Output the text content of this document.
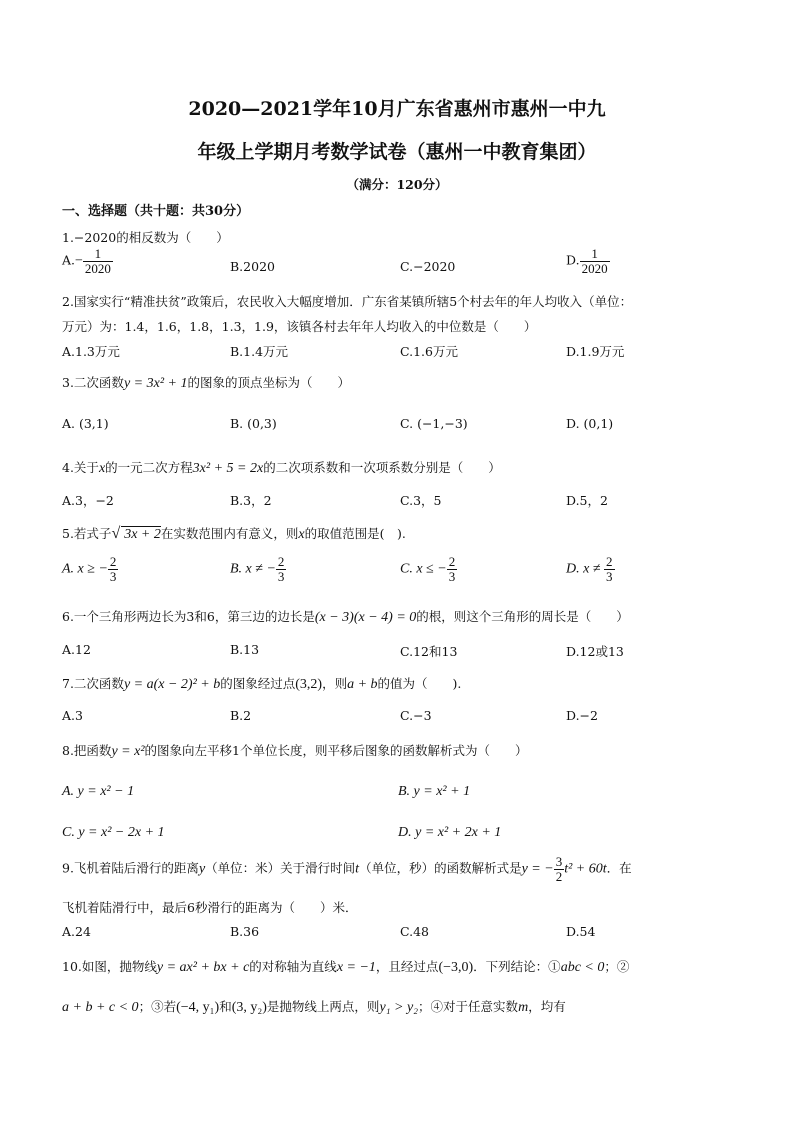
2020—2021学年10月广东省惠州市惠州一中九
年级上学期月考数学试卷（惠州一中教育集团）
（满分：120分）
一、选择题（共十题：共30分）
1.−2020的相反数为（　　）
$A.- \frac{1}{2020}$	B.2020	C.−2020	D. $\frac{1}{2020}$
2.国家实行“精准扶贫”政策后，农民收入大幅度增加．广东省某镇所辖5个村去年的年人均收入（单位：
万元）为：1.4，1.6，1.8，1.3，1.9，该镇各村去年年人均收入的中位数是（　　）
A.1.3万元	B.1.4万元	C.1.6万元	D.1.9万元
3.二次函数y = 3x² + 1的图象的顶点坐标为（　　）
A. (3,1)	B. (0,3)	C. (−1,−3)	D. (0,1)
4.关于x的一元二次方程3x² + 5 = 2x的二次项系数和一次项系数分别是（　　）
A.3，−2	B.3，2	C.3，5	D.5，2
5.若式子√ 3x + 2在实数范围内有意义，则x的取值范围是(　).
A. x ≥ − $\frac{2}{3}$	B. x ≠ − $\frac{2}{3}$	C. x ≤ − $\frac{2}{3}$	D. $x \ne \frac{2}{3}$
6.一个三角形两边长为3和6，第三边的边长是(x − 3)(x − 4) = 0的根，则这个三角形的周长是（　　）
A.12	B.13	C.12和13	D.12或13
7.二次函数y = a(x − 2)² + b的图象经过点(3,2)，则a + b的值为（　　).
A.3	B.2	C.−3	D.−2
8.把函数y = x²的图象向左平移1个单位长度，则平移后图象的函数解析式为（　　）
A. y = x² − 1	B. y = x² + 1
C. y = x² − 2x + 1	D. y = x² + 2x + 1
9.飞机着陆后滑行的距离y（单位：米）关于滑行时间t（单位，秒）的函数解析式是y = − $\frac{3}{2} t^2 + 60t$．在
飞机着陆滑行中，最后6秒滑行的距离为（　　）米．
A.24	B.36	C.48	D.54
10.如图，抛物线y = ax² + bx + c的对称轴为直线x = −1，且经过点(−3,0)．下列结论：①abc < 0；②
a + b + c < 0；③若(−4, y₁)和(3, y₂)是抛物线上两点，则y₁ > y₂；④对于任意实数m，均有
